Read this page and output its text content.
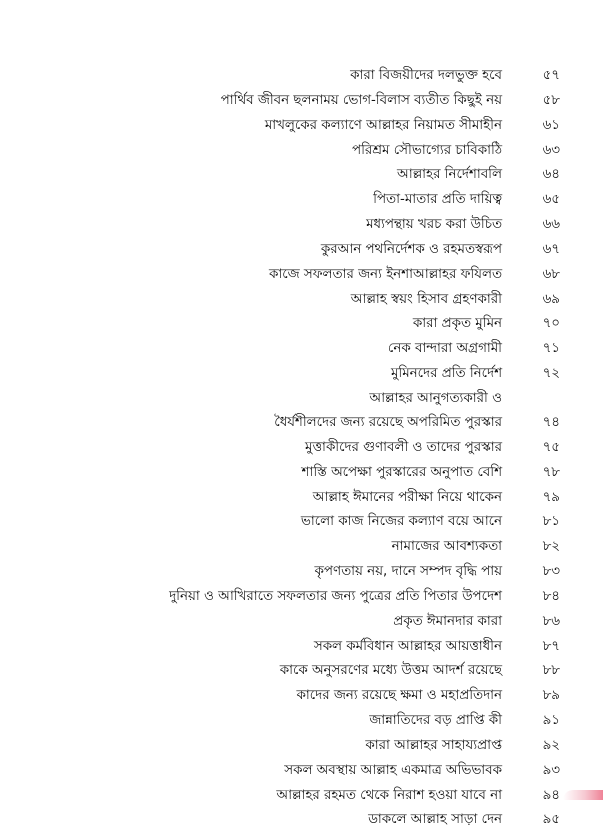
কারা বিজয়ীদের দলভুক্ত হবে	৫৭
পার্থিব জীবন ছলনাময় ভোগ-বিলাস ব্যতীত কিছুই নয়	৫৮
মাখলুকের কল্যাণে আল্লাহর নিয়ামত সীমাহীন	৬১
পরিশ্রম সৌভাগ্যের চাবিকাঠি	৬৩
আল্লাহর নির্দেশাবলি	৬৪
পিতা-মাতার প্রতি দায়িত্ব	৬৫
মধ্যপন্থায় খরচ করা উচিত	৬৬
কুরআন পথনির্দেশক ও রহমতস্বরূপ	৬৭
কাজে সফলতার জন্য ইনশাআল্লাহর ফযিলত	৬৮
আল্লাহ স্বয়ং হিসাব গ্রহণকারী	৬৯
কারা প্রকৃত মুমিন	৭০
নেক বান্দারা অগ্রগামী	৭১
মুমিনদের প্রতি নির্দেশ	৭২
আল্লাহর আনুগত্যকারী ও
ধৈর্যশীলদের জন্য রয়েছে অপরিমিত পুরস্কার	৭৪
মুত্তাকীদের গুণাবলী ও তাদের পুরস্কার	৭৫
শাস্তি অপেক্ষা পুরস্কারের অনুপাত বেশি	৭৮
আল্লাহ ঈমানের পরীক্ষা নিয়ে থাকেন	৭৯
ভালো কাজ নিজের কল্যাণ বয়ে আনে	৮১
নামাজের আবশ্যকতা	৮২
কৃপণতায় নয়, দানে সম্পদ বৃদ্ধি পায়	৮৩
দুনিয়া ও আখিরাতে সফলতার জন্য পুত্রের প্রতি পিতার উপদেশ	৮৪
প্রকৃত ঈমানদার কারা	৮৬
সকল কর্মবিধান আল্লাহর আয়ত্তাধীন	৮৭
কাকে অনুসরণের মধ্যে উত্তম আদর্শ রয়েছে	৮৮
কাদের জন্য রয়েছে ক্ষমা ও মহাপ্রতিদান	৮৯
জান্নাতিদের বড় প্রাপ্তি কী	৯১
কারা আল্লাহর সাহায্যপ্রাপ্ত	৯২
সকল অবস্থায় আল্লাহ একমাত্র অভিভাবক	৯৩
আল্লাহর রহমত থেকে নিরাশ হওয়া যাবে না	৯৪
ডাকলে আল্লাহ সাড়া দেন	৯৫
